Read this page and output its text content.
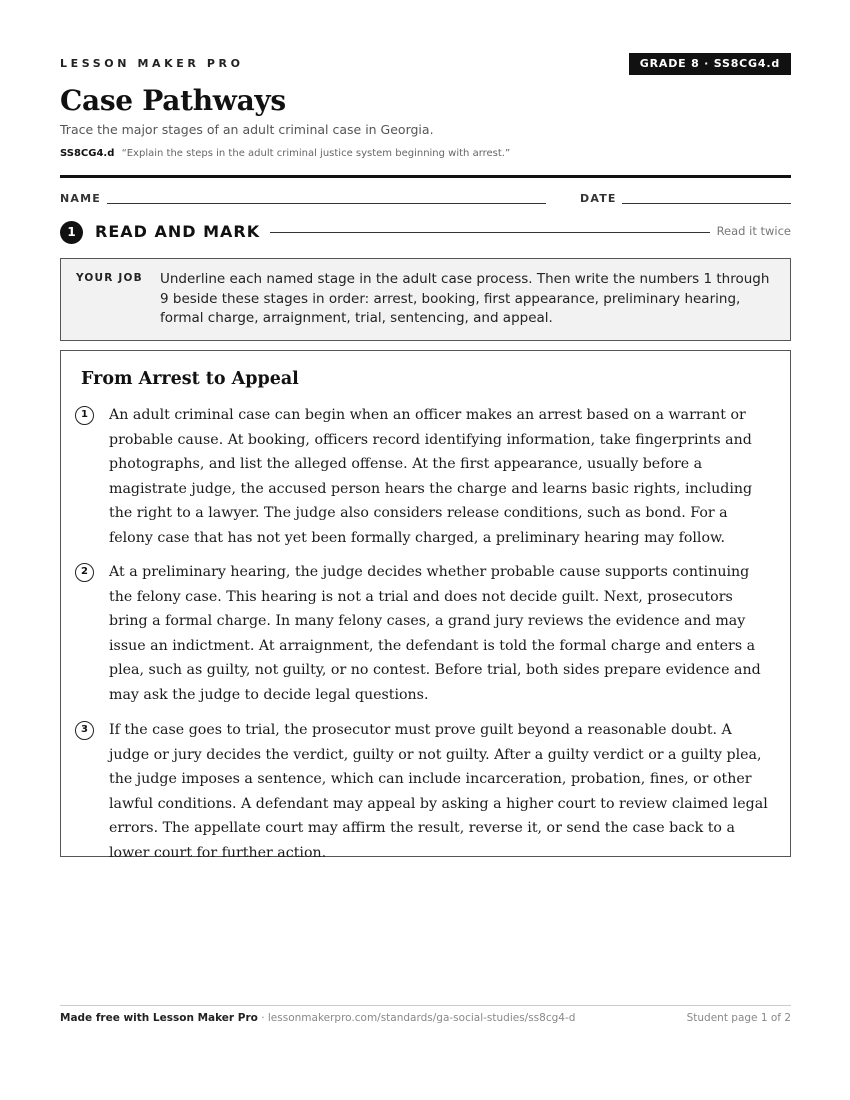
LESSON MAKER PRO	GRADE 8 · SS8CG4.d
Case Pathways
Trace the major stages of an adult criminal case in Georgia.
SS8CG4.d “Explain the steps in the adult criminal justice system beginning with arrest.”
NAME	DATE
1	READ AND MARK	Read it twice
YOUR JOB Underline each named stage in the adult case process. Then write the numbers 1 through 9 beside these stages in order: arrest, booking, first appearance, preliminary hearing, formal charge, arraignment, trial, sentencing, and appeal.
From Arrest to Appeal
1	An adult criminal case can begin when an officer makes an arrest based on a warrant or probable cause. At booking, officers record identifying information, take fingerprints and photographs, and list the alleged offense. At the first appearance, usually before a magistrate judge, the accused person hears the charge and learns basic rights, including the right to a lawyer. The judge also considers release conditions, such as bond. For a felony case that has not yet been formally charged, a preliminary hearing may follow.
2	At a preliminary hearing, the judge decides whether probable cause supports continuing the felony case. This hearing is not a trial and does not decide guilt. Next, prosecutors bring a formal charge. In many felony cases, a grand jury reviews the evidence and may issue an indictment. At arraignment, the defendant is told the formal charge and enters a plea, such as guilty, not guilty, or no contest. Before trial, both sides prepare evidence and may ask the judge to decide legal questions.
3	If the case goes to trial, the prosecutor must prove guilt beyond a reasonable doubt. A judge or jury decides the verdict, guilty or not guilty. After a guilty verdict or a guilty plea, the judge imposes a sentence, which can include incarceration, probation, fines, or other lawful conditions. A defendant may appeal by asking a higher court to review claimed legal errors. The appellate court may affirm the result, reverse it, or send the case back to a lower court for further action.
Made free with Lesson Maker Pro · lessonmakerpro.com/standards/ga-social-studies/ss8cg4-d	Student page 1 of 2
